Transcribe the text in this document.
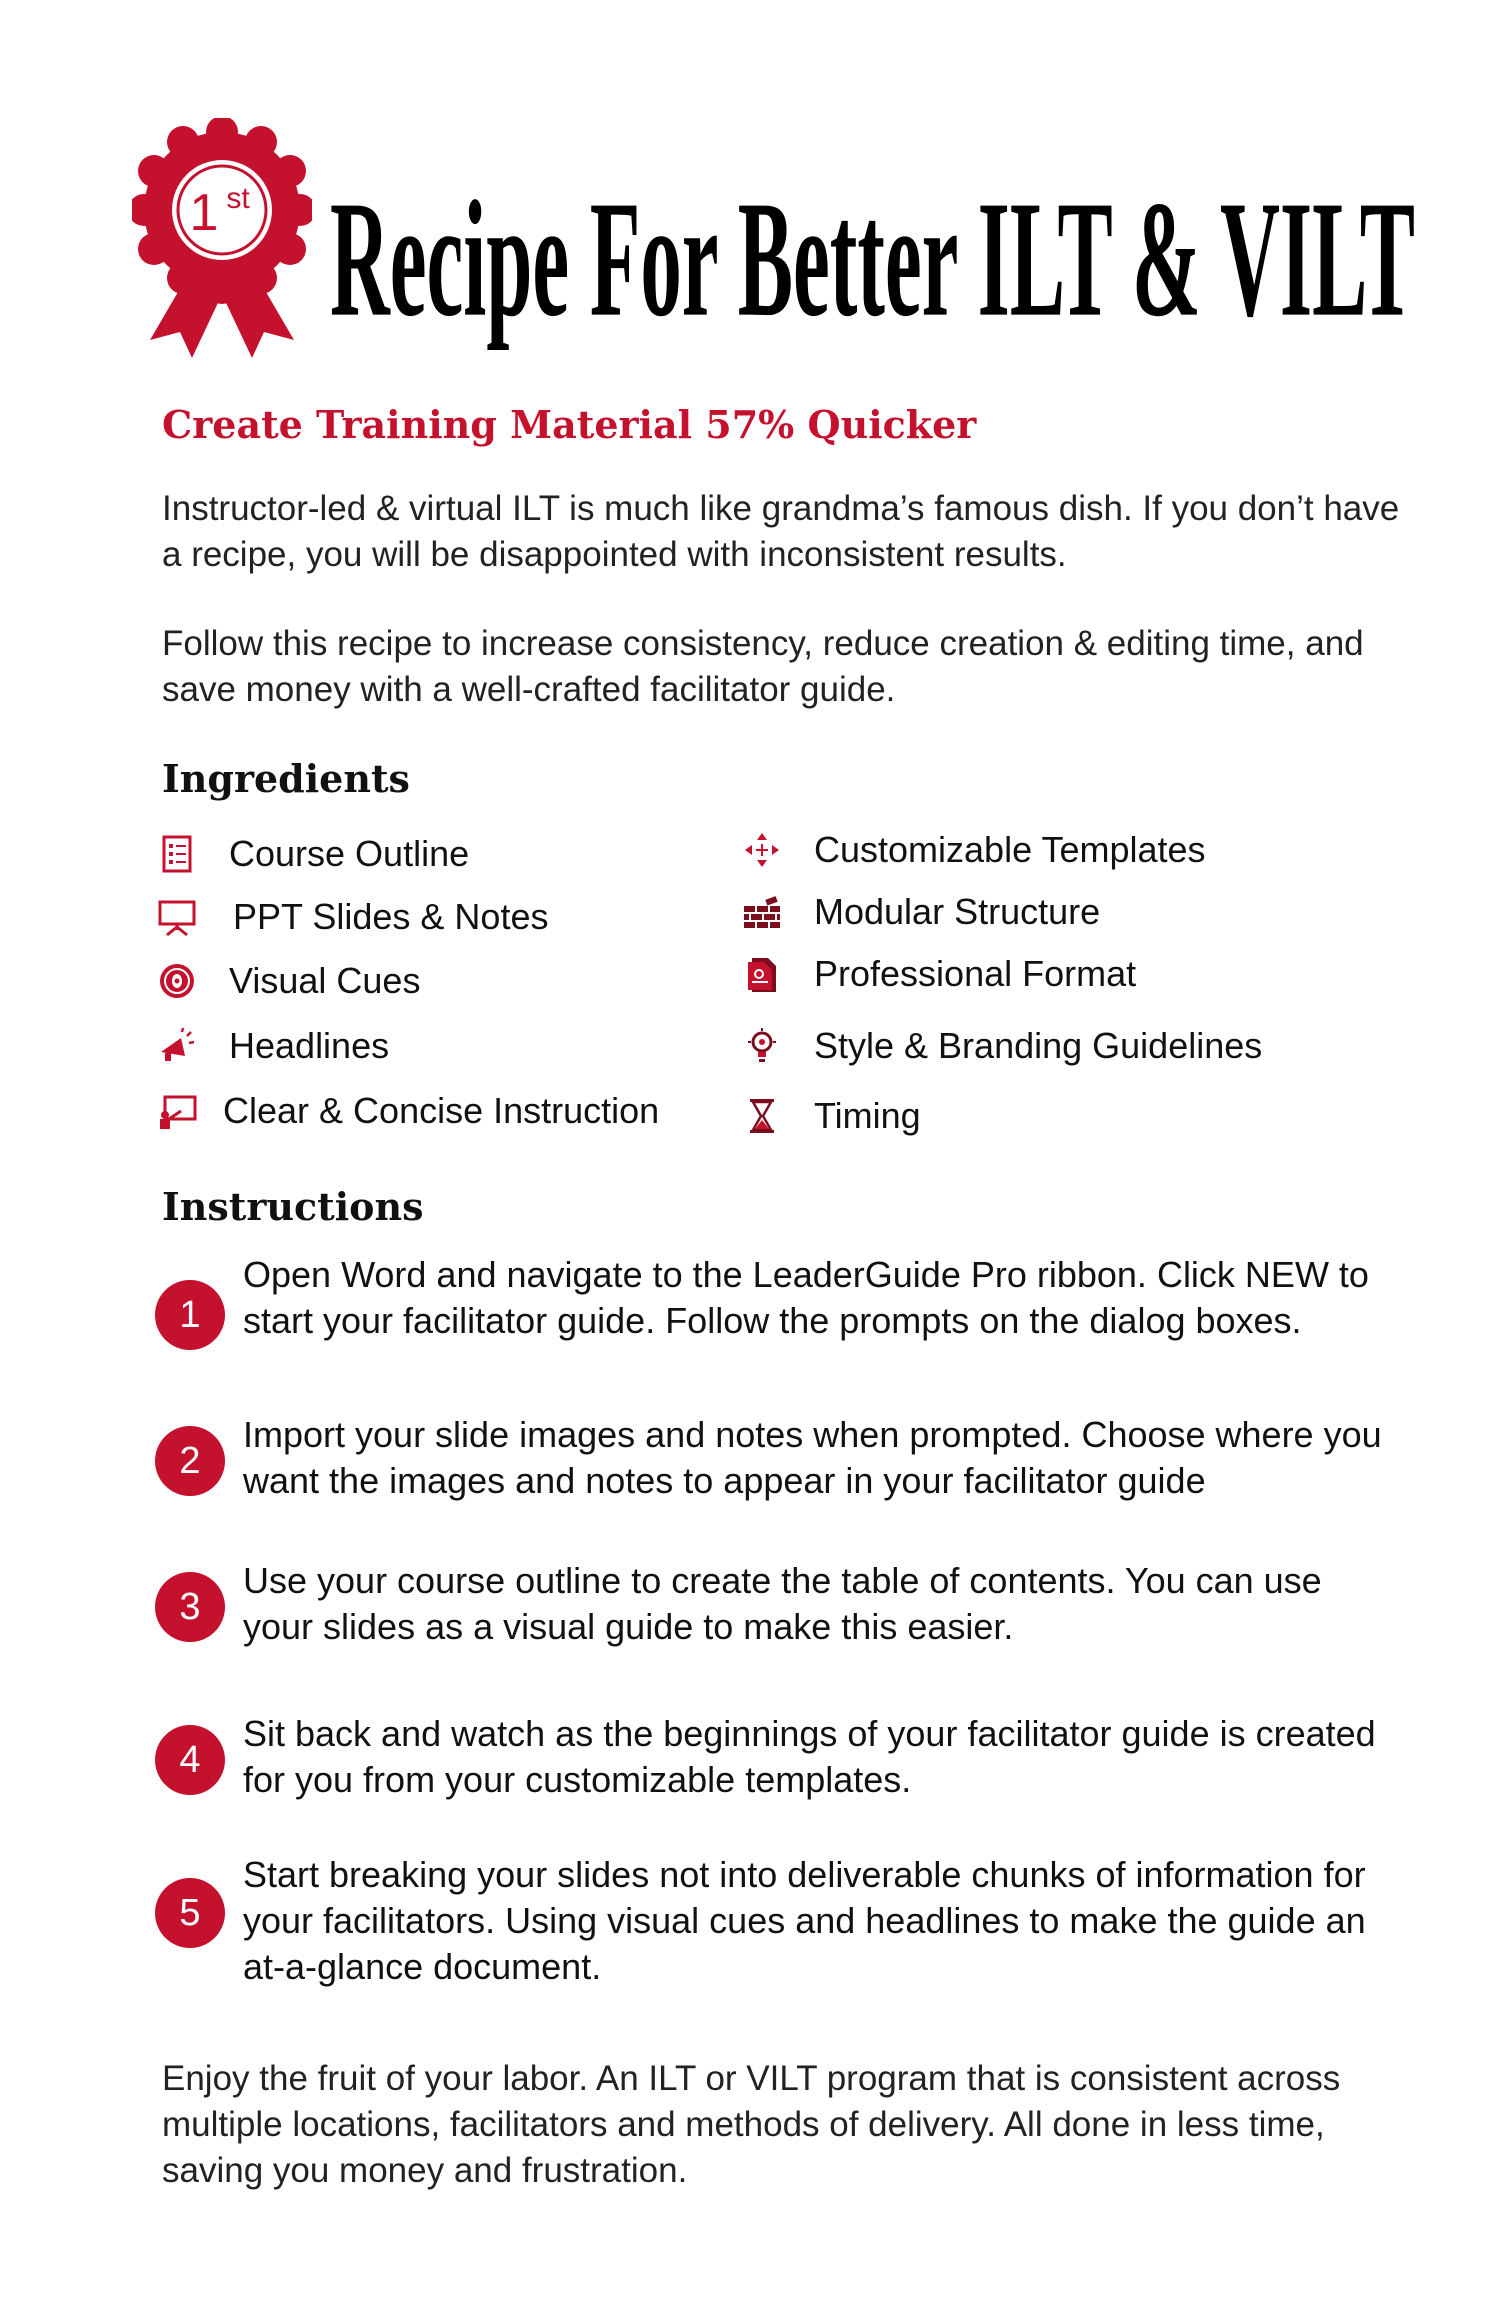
1 st Recipe For Better ILT & VILT
Create Training Material 57% Quicker

Instructor-led & virtual ILT is much like grandma’s famous dish. If you don’t have a recipe, you will be disappointed with inconsistent results.

Follow this recipe to increase consistency, reduce creation & editing time, and save money with a well-crafted facilitator guide.

Ingredients
Course Outline
PPT Slides & Notes
Visual Cues
Headlines
Clear & Concise Instruction
Customizable Templates
Modular Structure
Professional Format
Style & Branding Guidelines
Timing
Instructions
1
Open Word and navigate to the LeaderGuide Pro ribbon. Click NEW to start your facilitator guide. Follow the prompts on the dialog boxes.
2
Import your slide images and notes when prompted. Choose where you want the images and notes to appear in your facilitator guide
3
Use your course outline to create the table of contents. You can use your slides as a visual guide to make this easier.
4
Sit back and watch as the beginnings of your facilitator guide is created for you from your customizable templates.
5
Start breaking your slides not into deliverable chunks of information for your facilitators. Using visual cues and headlines to make the guide an at-a-glance document.
Enjoy the fruit of your labor. An ILT or VILT program that is consistent across multiple locations, facilitators and methods of delivery. All done in less time, saving you money and frustration.
